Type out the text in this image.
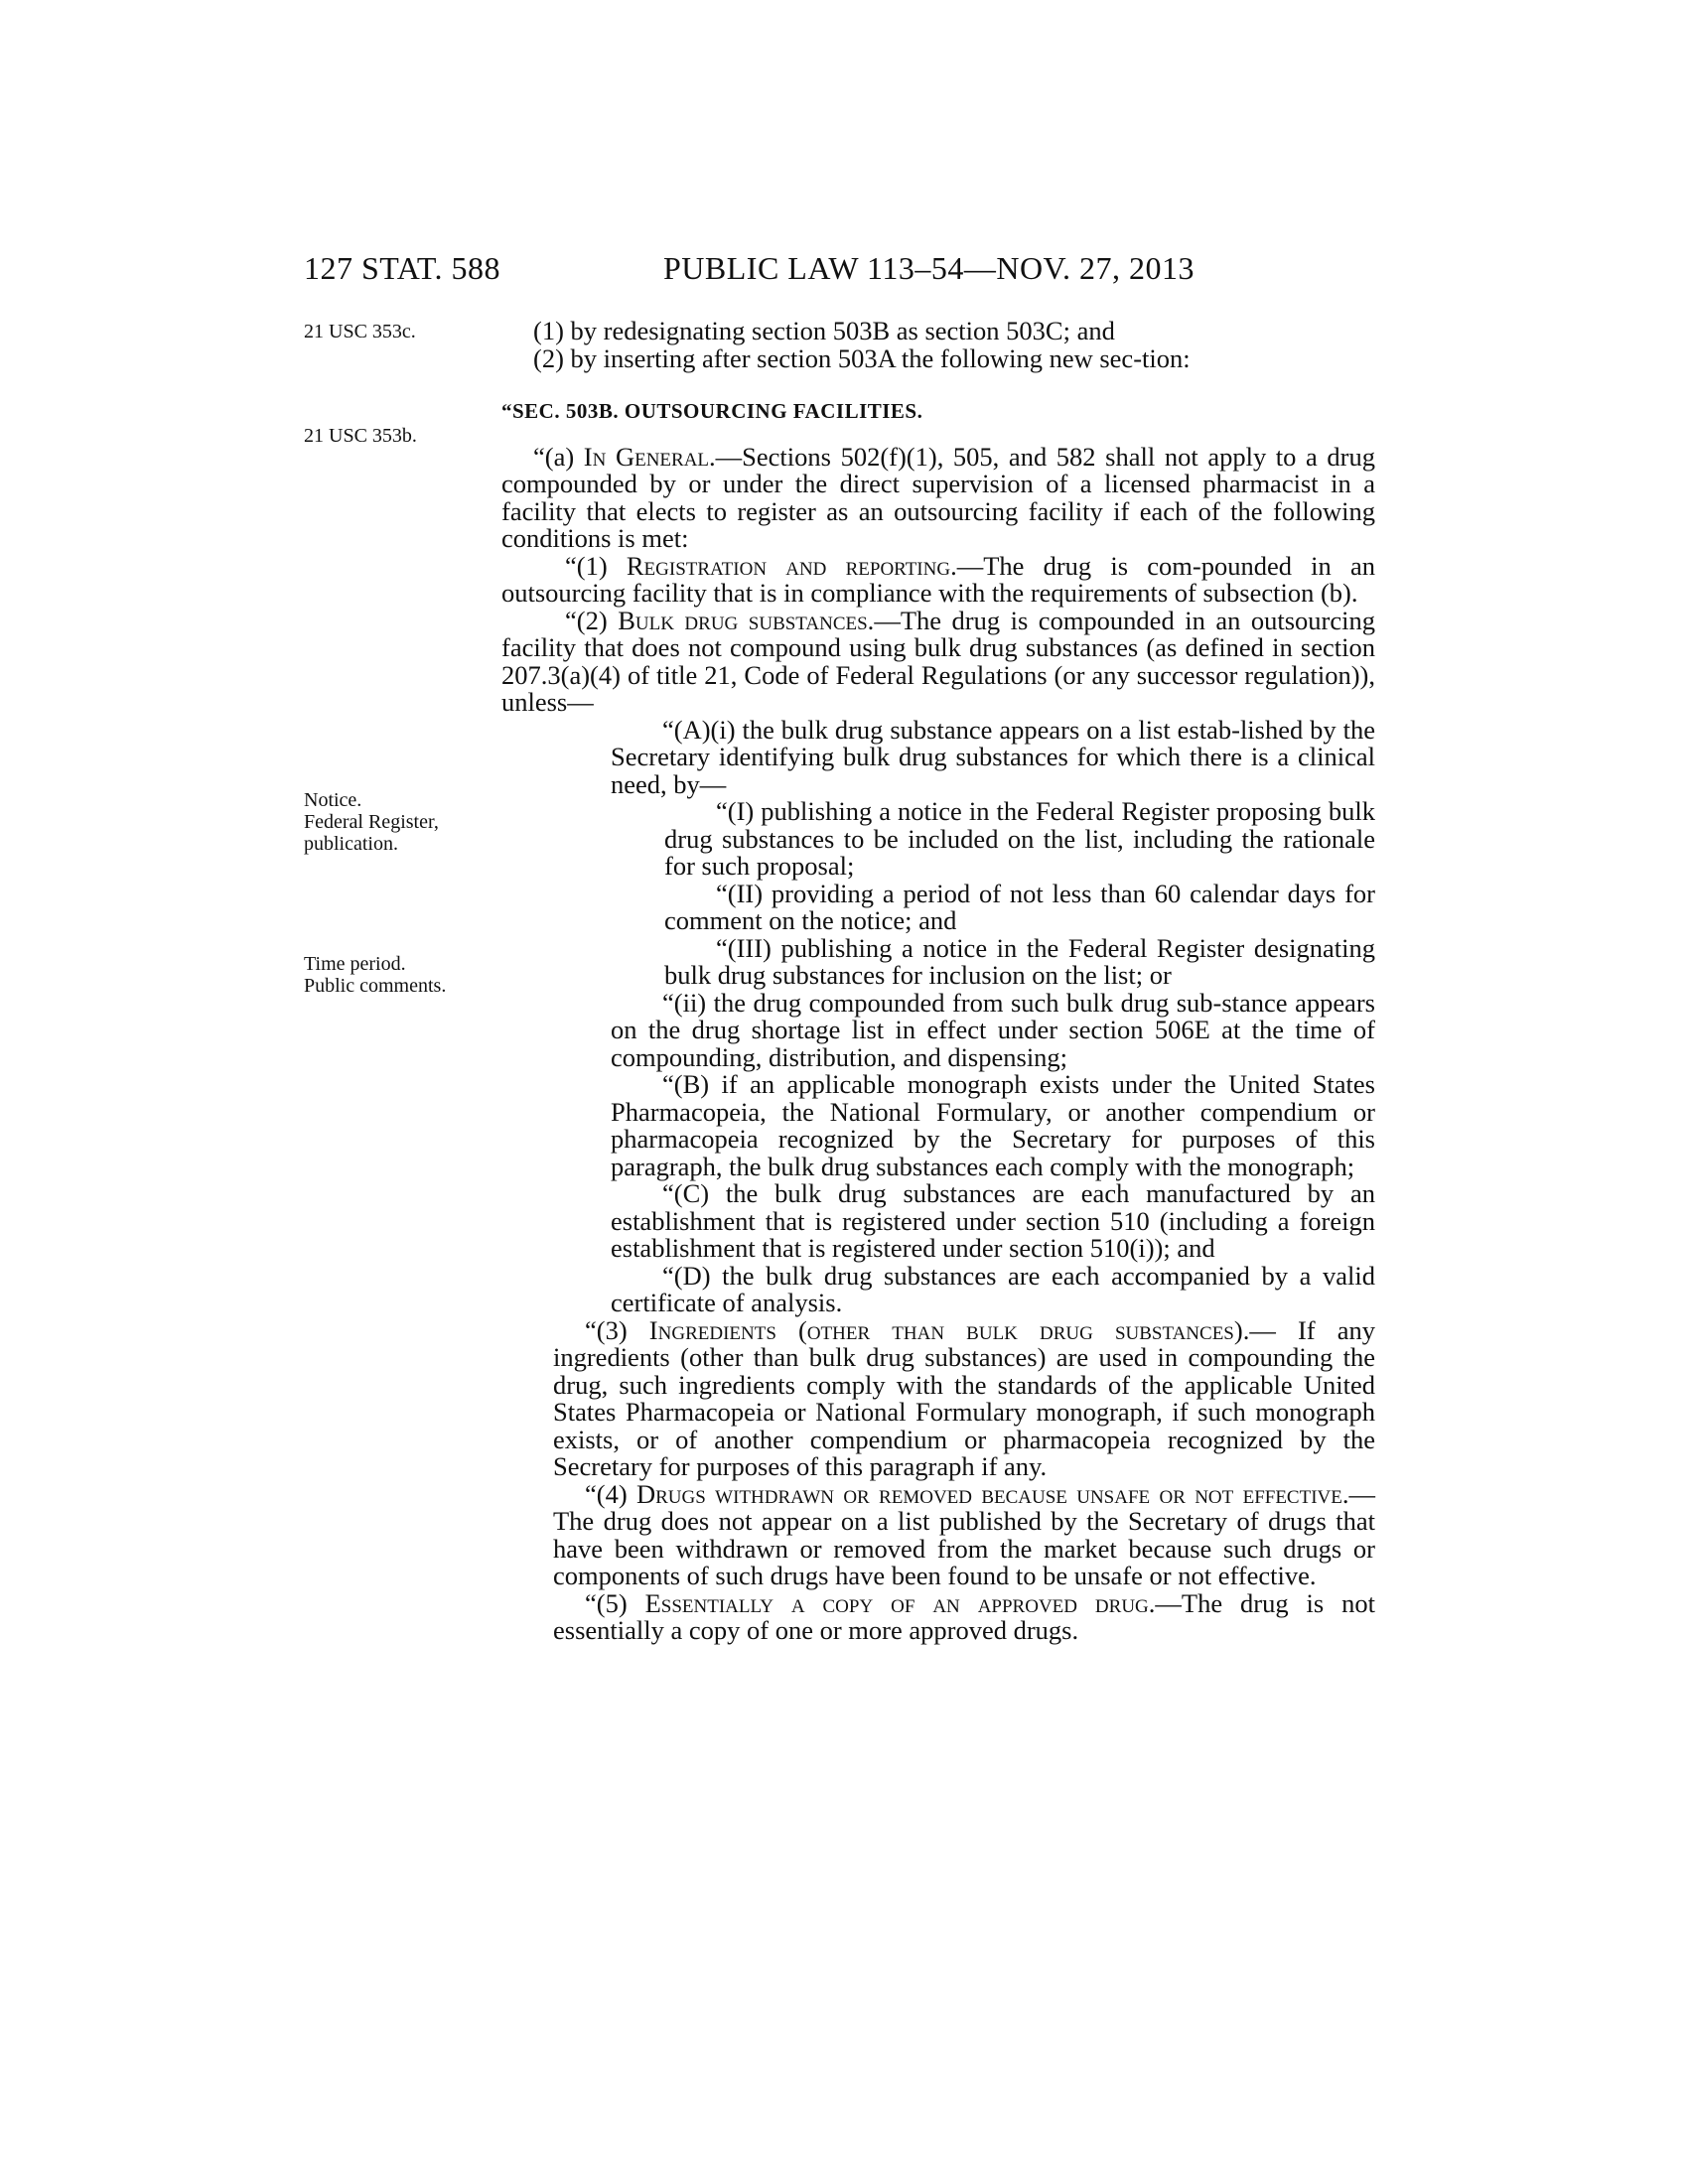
127 STAT. 588	PUBLIC LAW 113–54—NOV. 27, 2013
21 USC 353c.
21 USC 353b.
Notice.
Federal Register,
publication.
Time period.
Public comments.

(1) by redesignating section 503B as section 503C; and

(2) by inserting after section 503A the following new sec-tion:

“SEC. 503B. OUTSOURCING FACILITIES.

“(a) In General.—Sections 502(f)(1), 505, and 582 shall not apply to a drug compounded by or under the direct supervision of a licensed pharmacist in a facility that elects to register as an outsourcing facility if each of the following conditions is met:

“(1) Registration and reporting.—The drug is com-pounded in an outsourcing facility that is in compliance with the requirements of subsection (b).

“(2) Bulk drug substances.—The drug is compounded in an outsourcing facility that does not compound using bulk drug substances (as defined in section 207.3(a)(4) of title 21, Code of Federal Regulations (or any successor regulation)), unless—

“(A)(i) the bulk drug substance appears on a list estab-lished by the Secretary identifying bulk drug substances for which there is a clinical need, by—

“(I) publishing a notice in the Federal Register proposing bulk drug substances to be included on the list, including the rationale for such proposal;

“(II) providing a period of not less than 60 calendar days for comment on the notice; and

“(III) publishing a notice in the Federal Register designating bulk drug substances for inclusion on the list; or

“(ii) the drug compounded from such bulk drug sub-stance appears on the drug shortage list in effect under section 506E at the time of compounding, distribution, and dispensing;

“(B) if an applicable monograph exists under the United States Pharmacopeia, the National Formulary, or another compendium or pharmacopeia recognized by the Secretary for purposes of this paragraph, the bulk drug substances each comply with the monograph;

“(C) the bulk drug substances are each manufactured by an establishment that is registered under section 510 (including a foreign establishment that is registered under section 510(i)); and

“(D) the bulk drug substances are each accompanied by a valid certificate of analysis.

“(3) Ingredients (other than bulk drug substances).— If any ingredients (other than bulk drug substances) are used in compounding the drug, such ingredients comply with the standards of the applicable United States Pharmacopeia or National Formulary monograph, if such monograph exists, or of another compendium or pharmacopeia recognized by the Secretary for purposes of this paragraph if any.

“(4) Drugs withdrawn or removed because unsafe or not effective.—The drug does not appear on a list published by the Secretary of drugs that have been withdrawn or removed from the market because such drugs or components of such drugs have been found to be unsafe or not effective.

“(5) Essentially a copy of an approved drug.—The drug is not essentially a copy of one or more approved drugs.
